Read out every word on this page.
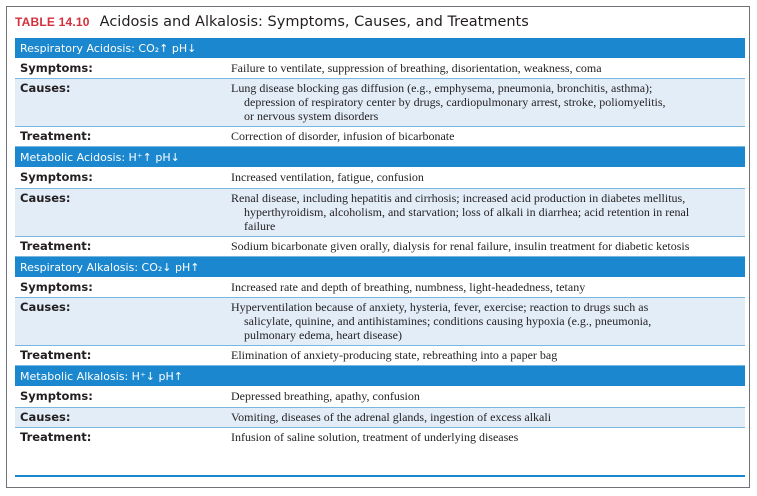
TABLE 14.10 Acidosis and Alkalosis: Symptoms, Causes, and Treatments
Respiratory Acidosis: CO₂↑ pH↓
Symptoms:	Failure to ventilate, suppression of breathing, disorientation, weakness, coma
Causes:	Lung disease blocking gas diffusion (e.g., emphysema, pneumonia, bronchitis, asthma);
depression of respiratory center by drugs, cardiopulmonary arrest, stroke, poliomyelitis,
or nervous system disorders
Treatment:	Correction of disorder, infusion of bicarbonate
Metabolic Acidosis: H⁺↑ pH↓
Symptoms:	Increased ventilation, fatigue, confusion
Causes:	Renal disease, including hepatitis and cirrhosis; increased acid production in diabetes mellitus,
hyperthyroidism, alcoholism, and starvation; loss of alkali in diarrhea; acid retention in renal
failure
Treatment:	Sodium bicarbonate given orally, dialysis for renal failure, insulin treatment for diabetic ketosis
Respiratory Alkalosis: CO₂↓ pH↑
Symptoms:	Increased rate and depth of breathing, numbness, light-headedness, tetany
Causes:	Hyperventilation because of anxiety, hysteria, fever, exercise; reaction to drugs such as
salicylate, quinine, and antihistamines; conditions causing hypoxia (e.g., pneumonia,
pulmonary edema, heart disease)
Treatment:	Elimination of anxiety-producing state, rebreathing into a paper bag
Metabolic Alkalosis: H⁺↓ pH↑
Symptoms:	Depressed breathing, apathy, confusion
Causes:	Vomiting, diseases of the adrenal glands, ingestion of excess alkali
Treatment:	Infusion of saline solution, treatment of underlying diseases
